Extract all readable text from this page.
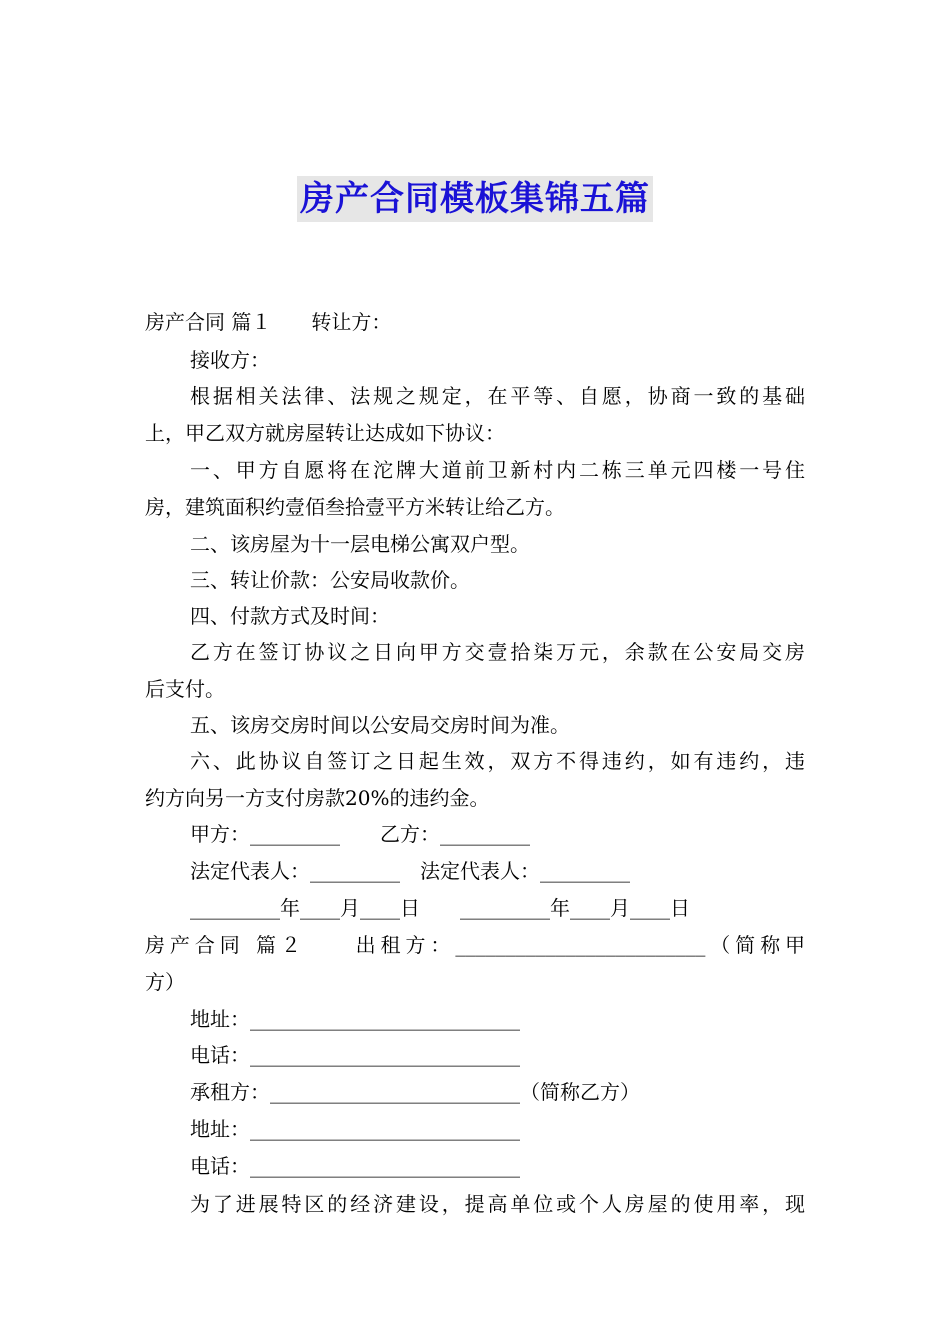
房产合同模板集锦五篇
房产合同 篇１　　转让方：
接收方：
根据相关法律、法规之规定，在平等、自愿，协商一致的基础
上，甲乙双方就房屋转让达成如下协议：
一、甲方自愿将在沱牌大道前卫新村内二栋三单元四楼一号住
房，建筑面积约壹佰叁拾壹平方米转让给乙方。
二、该房屋为十一层电梯公寓双户型。
三、转让价款：公安局收款价。
四、付款方式及时间：
乙方在签订协议之日向甲方交壹拾柒万元，余款在公安局交房
后支付。
五、该房交房时间以公安局交房时间为准。
六、此协议自签订之日起生效，双方不得违约，如有违约，违
约方向另一方支付房款20%的违约金。
甲方：_________　　乙方：_________
法定代表人：_________　法定代表人：_________
_________年____月____日　　_________年____月____日
房产合同 篇２　　出租方：_________________________（简称甲
方）
地址：___________________________
电话：___________________________
承租方：_________________________（简称乙方）
地址：___________________________
电话：___________________________
为了进展特区的经济建设，提高单位或个人房屋的使用率，现
